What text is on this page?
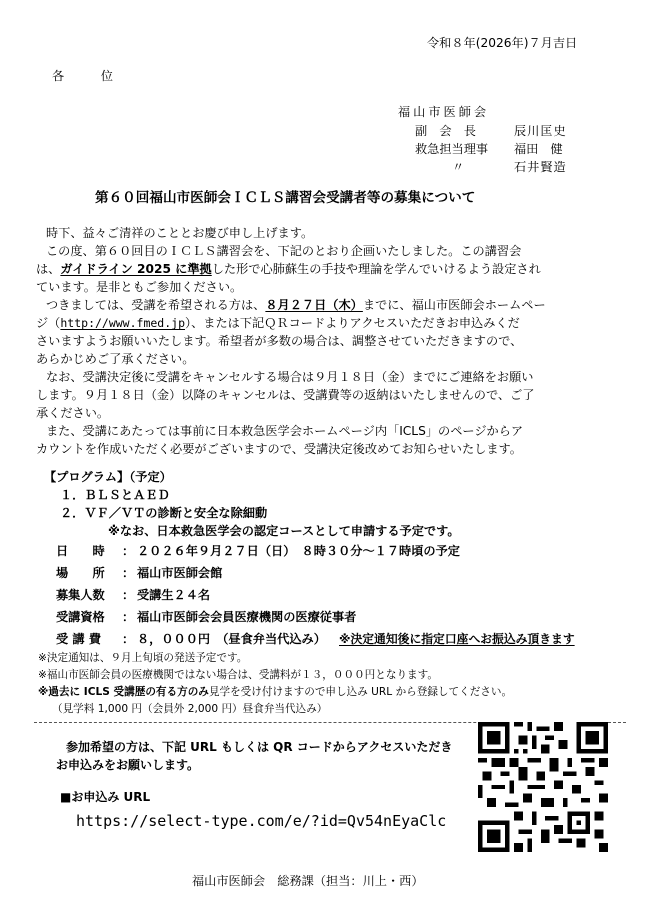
令和８年(2026年)７月吉日
各　　　位
福山市医師会
副　会　長	辰川匡史
救急担当理事 福田　健
〃	石井賢造
第６０回福山市医師会ＩＣＬＳ講習会受講者等の募集について
時下、益々ご清祥のこととお慶び申し上げます。
この度、第６０回目のＩＣＬＳ講習会を、下記のとおり企画いたしました。この講習会
は、ガイドライン 2025 に準拠した形で心肺蘇生の手技や理論を学んでいけるよう設定され
ています。是非ともご参加ください。
つきましては、受講を希望される方は、８月２７日（木）までに、福山市医師会ホームペー
ジ（http://www.fmed.jp）、または下記ＱＲコードよりアクセスいただきお申込みくだ
さいますようお願いいたします。希望者が多数の場合は、調整させていただきますので、
あらかじめご了承ください。
なお、受講決定後に受講をキャンセルする場合は９月１８日（金）までにご連絡をお願い
します。９月１８日（金）以降のキャンセルは、受講費等の返納はいたしませんので、ご了
承ください。
また、受講にあたっては事前に日本救急医学会ホームページ内「ICLS」のページからア
カウントを作成いただく必要がございますので、受講決定後改めてお知らせいたします。
【プログラム】（予定）
１．ＢＬＳとＡＥＤ
２．ＶＦ／ＶＴの診断と安全な除細動
※なお、日本救急医学会の認定コースとして申請する予定です。
日　　時 ： ２０２６年９月２７日（日）　８時３０分～１７時頃の予定
場　　所 ： 福山市医師会館
募集人数 ： 受講生２４名
受講資格 ： 福山市医師会会員医療機関の医療従事者
受 講 費 ： ８，０００円　（昼食弁当代込み） ※決定通知後に指定口座へお振込み頂きます
※決定通知は、９月上旬頃の発送予定です。
※福山市医師会員の医療機関ではない場合は、受講料が１３，０００円となります。
※過去に ICLS 受講歴の有る方のみ見学を受け付けますので申し込み URL から登録してください。
（見学料 1,000 円（会員外 2,000 円）昼食弁当代込み）
参加希望の方は、下記 URL もしくは QR コードからアクセスいただき
お申込みをお願いします。
■お申込み URL
https://select-type.com/e/?id=Qv54nEyaClc
福山市医師会　総務課（担当：川上・西）
